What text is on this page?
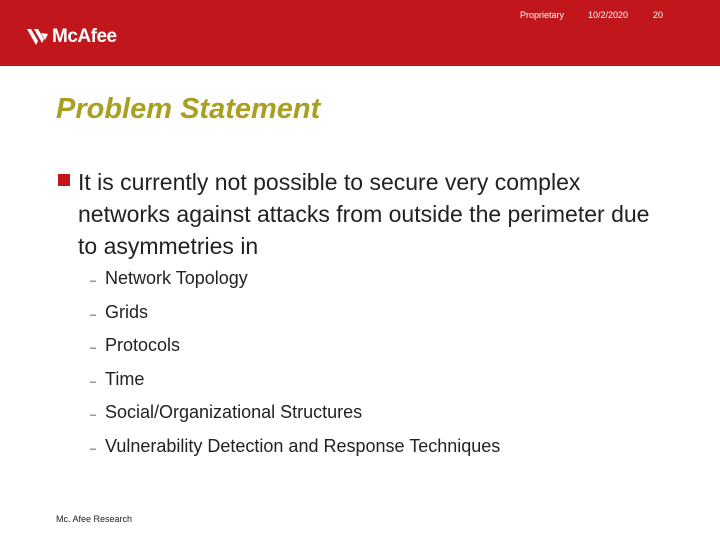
McAfee
Proprietary	10/2/2020	20
Problem Statement

It is currently not possible to secure very complex networks against attacks from outside the perimeter due to asymmetries in

– Network Topology
– Grids
– Protocols
– Time
– Social/Organizational Structures
– Vulnerability Detection and Response Techniques
Mc. Afee Research
